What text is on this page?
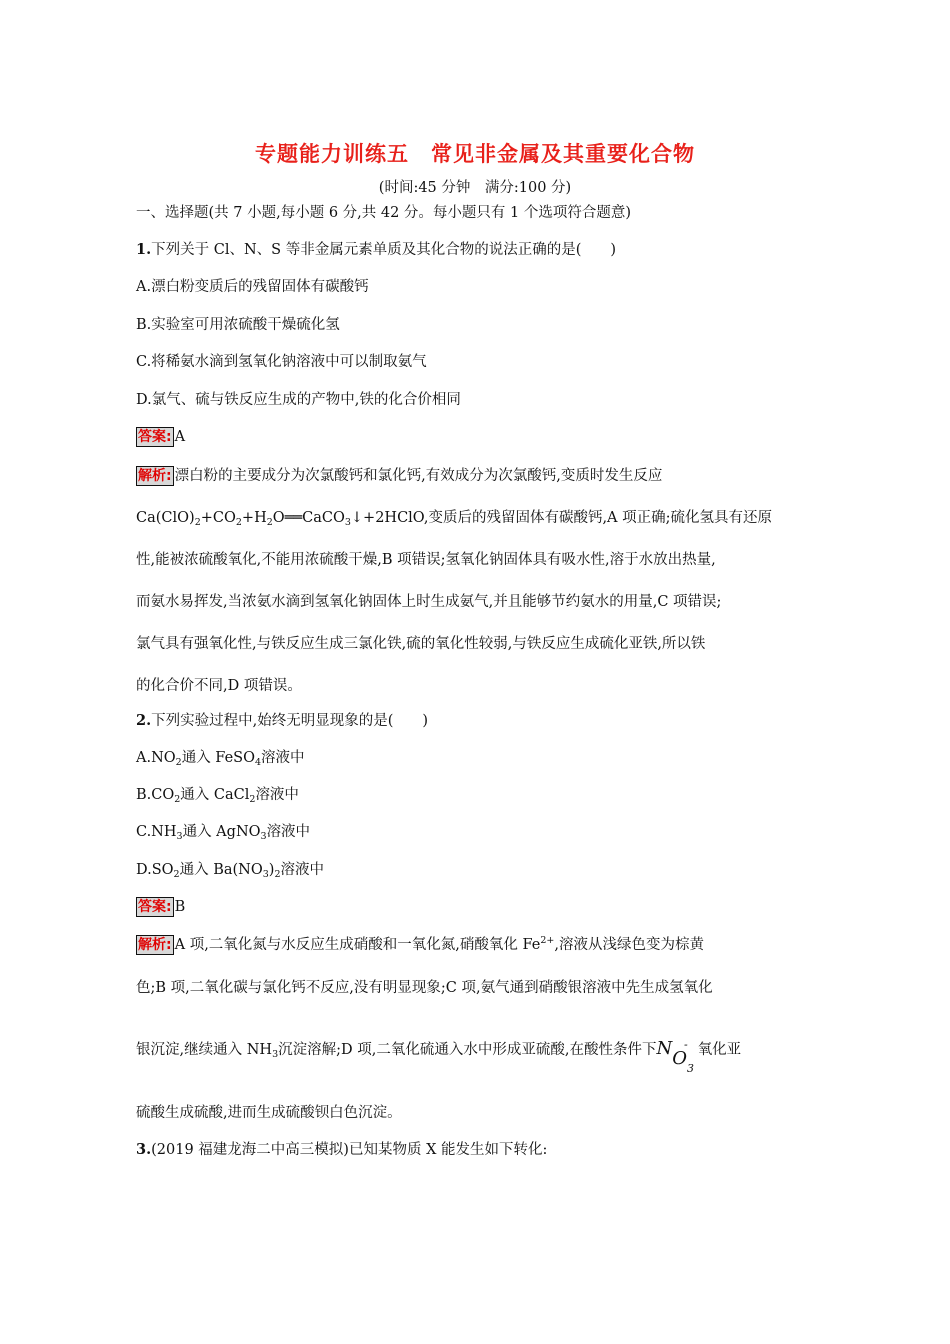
专题能力训练五　常见非金属及其重要化合物
(时间:45 分钟　满分:100 分)
一、选择题(共 7 小题,每小题 6 分,共 42 分。每小题只有 1 个选项符合题意)
1.下列关于 Cl、N、S 等非金属元素单质及其化合物的说法正确的是(　　)
A.漂白粉变质后的残留固体有碳酸钙
B.实验室可用浓硫酸干燥硫化氢
C.将稀氨水滴到氢氧化钠溶液中可以制取氨气
D.氯气、硫与铁反应生成的产物中,铁的化合价相同
答案: A
解析: 漂白粉的主要成分为次氯酸钙和氯化钙,有效成分为次氯酸钙,变质时发生反应
$Ca(ClO)_2+CO_2+H_2O══CaCO_3↓+2HClO$,变质后的残留固体有碳酸钙,A 项正确;硫化氢具有还原
性,能被浓硫酸氧化,不能用浓硫酸干燥,B 项错误;氢氧化钠固体具有吸水性,溶于水放出热量,
而氨水易挥发,当浓氨水滴到氢氧化钠固体上时生成氨气,并且能够节约氨水的用量,C 项错误;
氯气具有强氧化性,与铁反应生成三氯化铁,硫的氧化性较弱,与铁反应生成硫化亚铁,所以铁
的化合价不同,D 项错误。
2.下列实验过程中,始终无明显现象的是(　　)
$A.NO_2$通入 FeSO$_4$溶液中
$B.CO_2$通入 CaCl$_2$溶液中
$C.NH_3$通入 AgNO$_3$溶液中
$D.SO_2$通入 $Ba(NO_3)_2$溶液中
答案: B
解析: A 项,二氧化氮与水反应生成硝酸和一氧化氮,硝酸氧化 $Fe^{2+}$,溶液从浅绿色变为棕黄
色;B 项,二氧化碳与氯化钙不反应,没有明显现象;C 项,氨气通到硝酸银溶液中先生成氢氧化
银沉淀,继续通入 $NH_3$沉淀溶解;D 项,二氧化硫通入水中形成亚硫酸,在酸性条件下$NO_3^-$ 氧化亚
硫酸生成硫酸,进而生成硫酸钡白色沉淀。
3.(2019 福建龙海二中高三模拟)已知某物质 X 能发生如下转化:
